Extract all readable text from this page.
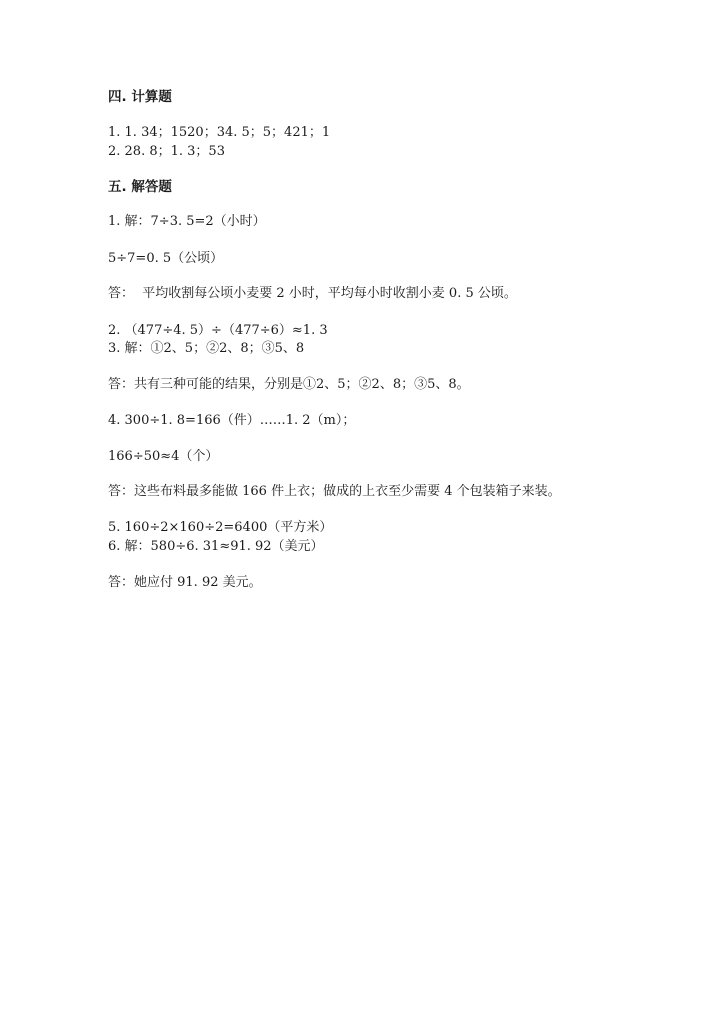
四. 计算题
1. 1. 34；1520；34. 5；5；421；1
2. 28. 8；1. 3；53
五. 解答题
1. 解：7÷3. 5=2（小时）
5÷7=0. 5（公顷）
答：  平均收割每公顷小麦要 2 小时，平均每小时收割小麦 0. 5 公顷。
2. （477÷4. 5）÷（477÷6）≈1. 3
3. 解：①2、5；②2、8；③5、8
答：共有三种可能的结果，分别是①2、5；②2、8；③5、8。
4. 300÷1. 8=166（件）……1. 2（m）；
166÷50≈4（个）
答：这些布料最多能做 166 件上衣；做成的上衣至少需要 4 个包装箱子来装。
5. 160÷2×160÷2=6400（平方米）
6. 解：580÷6. 31≈91. 92（美元）
答：她应付 91. 92 美元。
